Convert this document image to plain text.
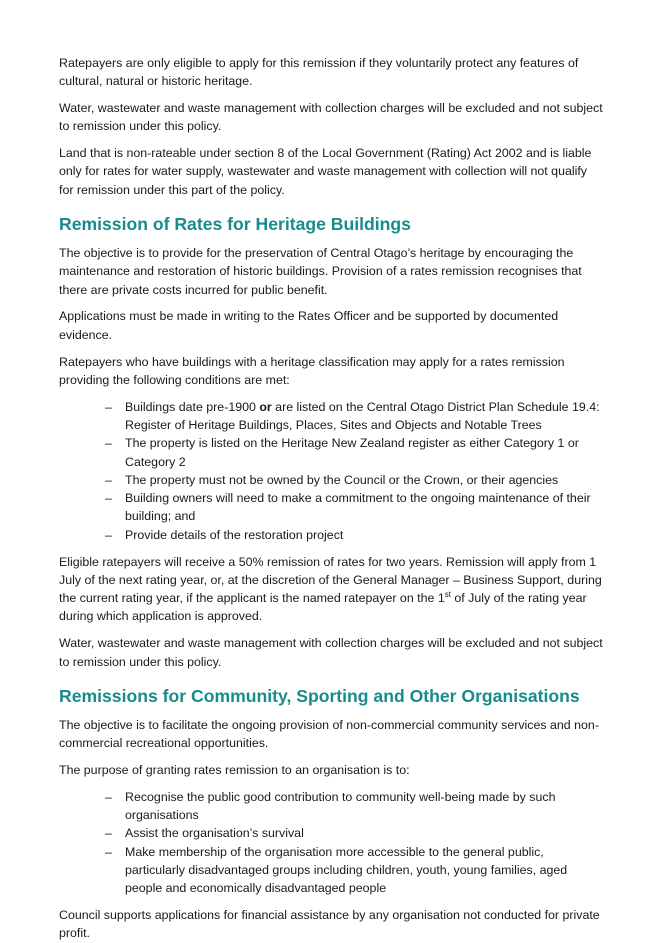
Ratepayers are only eligible to apply for this remission if they voluntarily protect any features of cultural, natural or historic heritage.

Water, wastewater and waste management with collection charges will be excluded and not subject to remission under this policy.

Land that is non-rateable under section 8 of the Local Government (Rating) Act 2002 and is liable only for rates for water supply, wastewater and waste management with collection will not qualify for remission under this part of the policy.

Remission of Rates for Heritage Buildings

The objective is to provide for the preservation of Central Otago’s heritage by encouraging the maintenance and restoration of historic buildings. Provision of a rates remission recognises that there are private costs incurred for public benefit.

Applications must be made in writing to the Rates Officer and be supported by documented evidence.

Ratepayers who have buildings with a heritage classification may apply for a rates remission providing the following conditions are met:

– Buildings date pre-1900 or are listed on the Central Otago District Plan Schedule 19.4: Register of Heritage Buildings, Places, Sites and Objects and Notable Trees
– The property is listed on the Heritage New Zealand register as either Category 1 or Category 2
– The property must not be owned by the Council or the Crown, or their agencies
– Building owners will need to make a commitment to the ongoing maintenance of their building; and
– Provide details of the restoration project

Eligible ratepayers will receive a 50% remission of rates for two years. Remission will apply from 1 July of the next rating year, or, at the discretion of the General Manager – Business Support, during the current rating year, if the applicant is the named ratepayer on the 1st of July of the rating year during which application is approved.

Water, wastewater and waste management with collection charges will be excluded and not subject to remission under this policy.

Remissions for Community, Sporting and Other Organisations

The objective is to facilitate the ongoing provision of non-commercial community services and non-commercial recreational opportunities.

The purpose of granting rates remission to an organisation is to:

– Recognise the public good contribution to community well-being made by such organisations
– Assist the organisation’s survival
– Make membership of the organisation more accessible to the general public, particularly disadvantaged groups including children, youth, young families, aged people and economically disadvantaged people

Council supports applications for financial assistance by any organisation not conducted for private profit.
